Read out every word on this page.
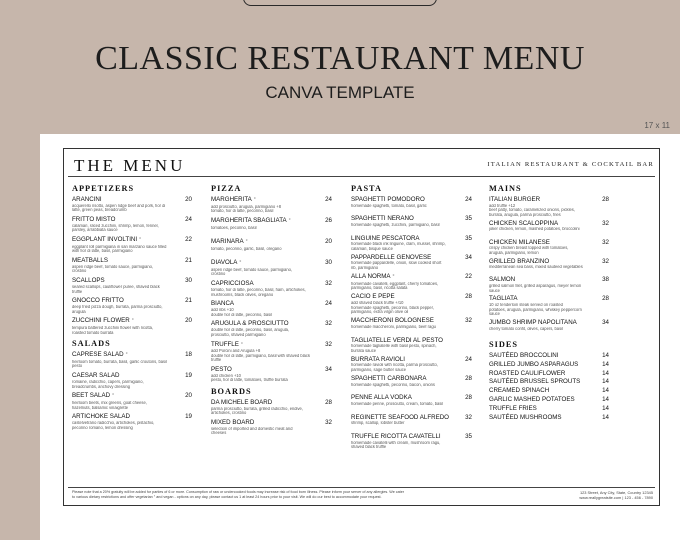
CLASSIC RESTAURANT MENU
CANVA TEMPLATE
17 x 11
THE MENU	ITALIAN RESTAURANT & COCKTAIL BAR
APPETIZERS
ARANCINI	20
acquerello risotto, aspen ridge beef and pork, fior di
latte, green peas, breadcrumb
FRITTO MISTO	24
calamari, sliced zucchini, shrimp, lemon, fennel,
parsley, arrabbiata sauce
EGGPLANT INVOLTINI °	22
eggplant roll parmigiana in san marzano sauce filled
with fior di latte, basil, parmigiano
MEATBALLS	21
aspen ridge beef, tomato sauce, parmigiano,
crostino
SCALLOPS	30
seared scallops, cauliflower puree, shaved black
truffle
GNOCCO FRITTO	21
deep fried pizza dough, burrata, parma prosciutto,
arugula
ZUCCHINI FLOWER °	20
tempura battered zucchini flower with ricotta,
roasted tomato burrata
SALADS
CAPRESE SALAD °	18
heirloom tomato, burrata, basil, garlic croutons, basil
pesto
CAESAR SALAD	19
romaine, radicchio, capers, parmigiano,
breadcrumbs, anchovy dressing
BEET SALAD °	20
heirloom beets, mix greens, goat cheese,
hazelnuts, balsamic vinaigrette
ARTICHOKE SALAD	19
castelvetrano radicchio, artichokes, pistachio,
pecorino romano, lemon dressing
PIZZA
MARGHERITA °	24
add prosciutto, arugula, parmigiano +8
tomato, fior di latte, pecorino, basil
MARGHERITA SBAGLIATA °	26
tomatoes, pecorino, basil
MARINARA °	20
tomato, pecorino, garlic, basil, oregano
DIAVOLA °	30
aspen ridge beef, tomato sauce, parmigiano,
crostino
CAPRICCIOSA	32
tomato, fior di latte, pecorino, basil, ham, artichokes,
mushrooms, black olives, oregano
BIANCA	24
add ribs +10
double fior di latte, pecorino, basil
ARUGULA & PROSCIUTTO	32
double fior di latte, pecorino, basil, arugula,
prosciutto, shaved parmigiano
TRUFFLE °	32
add Porcini and Arugula +8
double fior di latte, parmigiano, basil with shaved black
truffle
PESTO	34
add chicken +10
pesto, fior di latte, tomatoes, truffle burrata
BOARDS
DA MICHELE BOARD	28
parma prosciutto, burrata, grilled radicchio, endive,
artichokes, crostino
MIXED BOARD	32
selection of imported and domestic meat and
cheeses
PASTA
SPAGHETTI POMODORO	24
homemade spaghetti, tomato, basil, garlic
SPAGHETTI NERANO	35
homemade spaghetti, zucchini, parmigiano, basil
LINGUINE PESCATORA	35
homemade black ink linguine, clam, mussel, shrimp,
calamari, bisque sauce
PAPPARDELLE GENOVESE	34
homemade pappardelle, onion, slow cooked short
rib, parmigiano
ALLA NORMA °	22
homemade cavatelli, eggplant, cherry tomatoes,
parmigiano, basil, ricotta salata
CACIO E PEPE	28
add shaved black truffle +/10
homemade spaghetti, pecorino, black pepper,
parmigiano, extra virgin olive oil
MACCHERONI BOLOGNESE	32
homemade maccheroni, parmigiano, beef ragu
TAGLIATELLE VERDI AL PESTO
homemade tagliatelle with basil pesto, spinach,
burrata sauce
BURRATA RAVIOLI	24
homemade ravioli with ricotta, parma prosciutto,
parmigiano, sage butter sauce
SPAGHETTI CARBONARA	28
homemade spaghetti, pecorino, bacon, onions
PENNE ALLA VODKA	28
homemade penne, prosciutto, cream, tomato, basil
REGINETTE SEAFOOD ALFREDO	32
shrimp, scallop, lobster butter
TRUFFLE RICOTTA CAVATELLI	35
homemade cavatelli with cream, mushroom ragu,
shaved black truffle
MAINS
ITALIAN BURGER	28
add truffle +12
beef patty, tomato, caramelized onions, pickles,
burrata, arugula, parma prosciutto, fries
CHICKEN SCALOPPINA	32
joker chicken, lemon, mashed potatoes, broccolini
CHICKEN MILANESE	32
crispy chicken breast topped with tomatoes,
arugula, parmigiano, lemon
GRILLED BRANZINO	32
mediterranean sea bass, mixed sauteed vegetables
SALMON	38
grilled salmon filet, grilled asparagus, meyer lemon
sauce
TAGLIATA	28
10 oz tenderloin steak served on roasted
potatoes, arugula, parmigiano, whiskey peppercorn
sauce
JUMBO SHRIMP NAPOLITANA	34
cherry tomato confit, olives, capers, basil
SIDES
SAUTÉED BROCCOLINI	14
GRILLED JUMBO ASPARAGUS	14
ROASTED CAULIFLOWER	14
SAUTÉED BRUSSEL SPROUTS	14
CREAMED SPINACH	14
GARLIC MASHED POTATOES	14
TRUFFLE FRIES	14
SAUTÉED MUSHROOMS	14
Please note that a 20% gratuity will be added for parties of 6 or more. Consumption of raw or undercooked foods may increase risk of food born illness. Please inform your server of any allergies. We cater
to various dietary restrictions and offer vegetarian ° and vegan - options on any day, please contact us 1 at least 24 hours prior to your visit. We will do our best to accommodate your request.
123 Street, Any City, State, Country 12345
www.reallygreatsite.com | 123 - 456 - 7890
